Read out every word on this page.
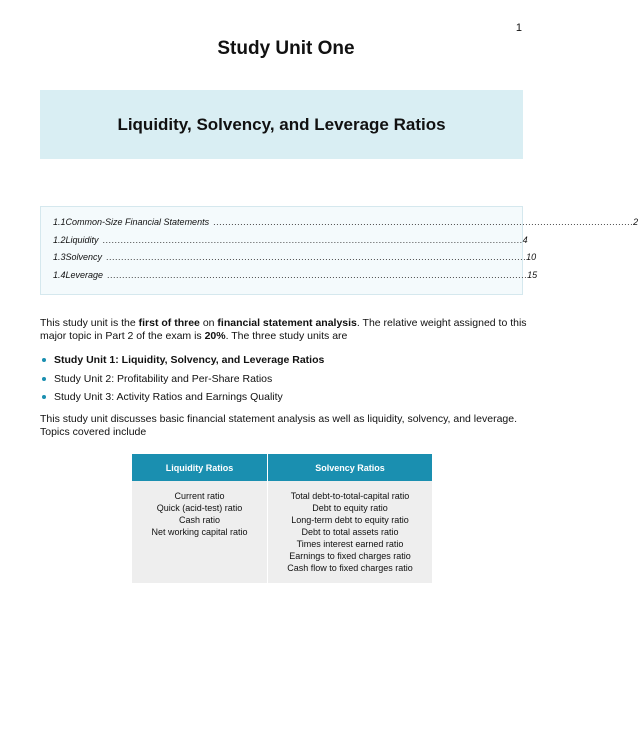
1
Study Unit One
Liquidity, Solvency, and Leverage Ratios
1.1 Common-Size Financial Statements ............................................................................................................................................ 2
1.2 Liquidity ............................................................................................................................................ 4
1.3 Solvency ............................................................................................................................................ 10
1.4 Leverage ............................................................................................................................................ 15
This study unit is the first of three on financial statement analysis. The relative weight assigned to this major topic in Part 2 of the exam is 20%. The three study units are
Study Unit 1: Liquidity, Solvency, and Leverage Ratios
Study Unit 2: Profitability and Per-Share Ratios
Study Unit 3: Activity Ratios and Earnings Quality
This study unit discusses basic financial statement analysis as well as liquidity, solvency, and leverage. Topics covered include
Liquidity Ratios	Solvency Ratios
Current ratio
Quick (acid-test) ratio
Cash ratio
Net working capital ratio
Total debt-to-total-capital ratio
Debt to equity ratio
Long-term debt to equity ratio
Debt to total assets ratio
Times interest earned ratio
Earnings to fixed charges ratio
Cash flow to fixed charges ratio
